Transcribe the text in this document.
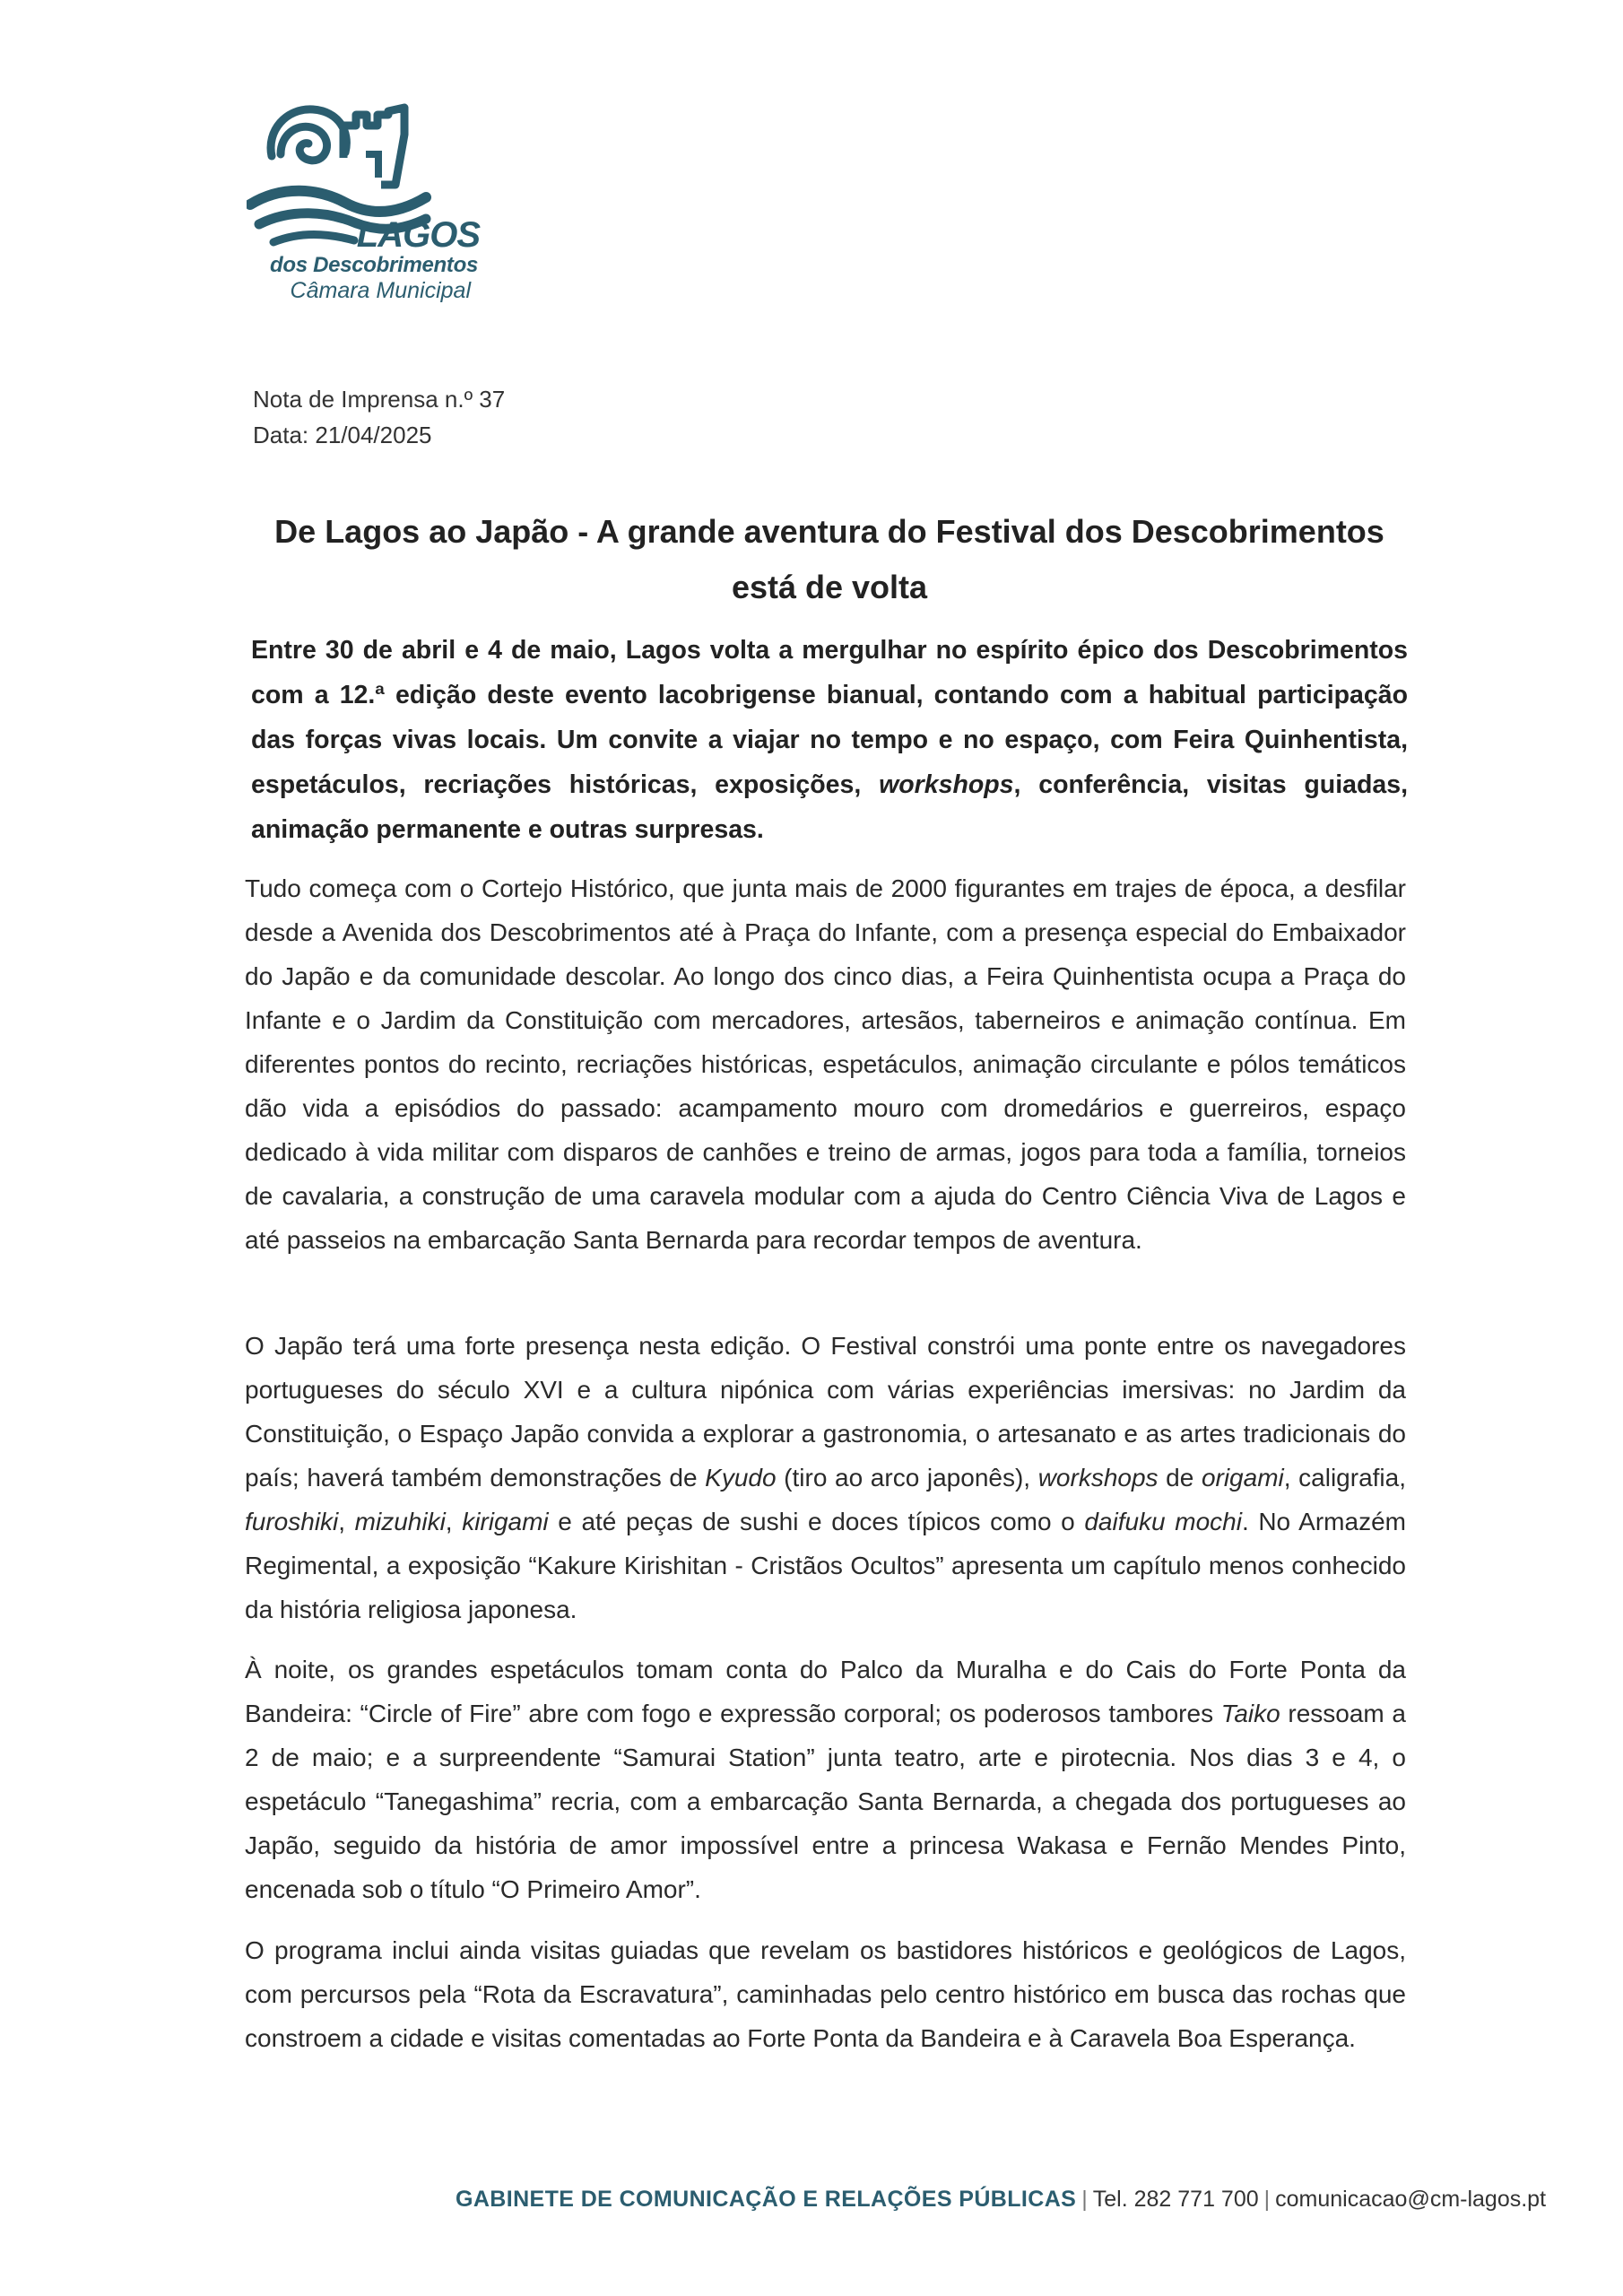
LAGOS
dos Descobrimentos
Câmara Municipal
Nota de Imprensa n.º 37
Data: 21/04/2025
De Lagos ao Japão - A grande aventura do Festival dos Descobrimentos
está de volta
Entre 30 de abril e 4 de maio, Lagos volta a mergulhar no espírito épico dos Descobrimentos com a 12.ª edição deste evento lacobrigense bianual, contando com a habitual participação das forças vivas locais. Um convite a viajar no tempo e no espaço, com Feira Quinhentista, espetáculos, recriações históricas, exposições, workshops, conferência, visitas guiadas, animação permanente e outras surpresas.
Tudo começa com o Cortejo Histórico, que junta mais de 2000 figurantes em trajes de época, a desfilar desde a Avenida dos Descobrimentos até à Praça do Infante, com a presença especial do Embaixador do Japão e da comunidade descolar. Ao longo dos cinco dias, a Feira Quinhentista ocupa a Praça do Infante e o Jardim da Constituição com mercadores, artesãos, taberneiros e animação contínua. Em diferentes pontos do recinto, recriações históricas, espetáculos, animação circulante e pólos temáticos dão vida a episódios do passado: acampamento mouro com dromedários e guerreiros, espaço dedicado à vida militar com disparos de canhões e treino de armas, jogos para toda a família, torneios de cavalaria, a construção de uma caravela modular com a ajuda do Centro Ciência Viva de Lagos e até passeios na embarcação Santa Bernarda para recordar tempos de aventura.
O Japão terá uma forte presença nesta edição. O Festival constrói uma ponte entre os navegadores portugueses do século XVI e a cultura nipónica com várias experiências imersivas: no Jardim da Constituição, o Espaço Japão convida a explorar a gastronomia, o artesanato e as artes tradicionais do país; haverá também demonstrações de Kyudo (tiro ao arco japonês), workshops de origami, caligrafia, furoshiki, mizuhiki, kirigami e até peças de sushi e doces típicos como o daifuku mochi. No Armazém Regimental, a exposição “Kakure Kirishitan - Cristãos Ocultos” apresenta um capítulo menos conhecido da história religiosa japonesa.
À noite, os grandes espetáculos tomam conta do Palco da Muralha e do Cais do Forte Ponta da Bandeira: “Circle of Fire” abre com fogo e expressão corporal; os poderosos tambores Taiko ressoam a 2 de maio; e a surpreendente “Samurai Station” junta teatro, arte e pirotecnia. Nos dias 3 e 4, o espetáculo “Tanegashima” recria, com a embarcação Santa Bernarda, a chegada dos portugueses ao Japão, seguido da história de amor impossível entre a princesa Wakasa e Fernão Mendes Pinto, encenada sob o título “O Primeiro Amor”.
O programa inclui ainda visitas guiadas que revelam os bastidores históricos e geológicos de Lagos, com percursos pela “Rota da Escravatura”, caminhadas pelo centro histórico em busca das rochas que constroem a cidade e visitas comentadas ao Forte Ponta da Bandeira e à Caravela Boa Esperança.
GABINETE DE COMUNICAÇÃO E RELAÇÕES PÚBLICAS | Tel. 282 771 700 | comunicacao@cm-lagos.pt
